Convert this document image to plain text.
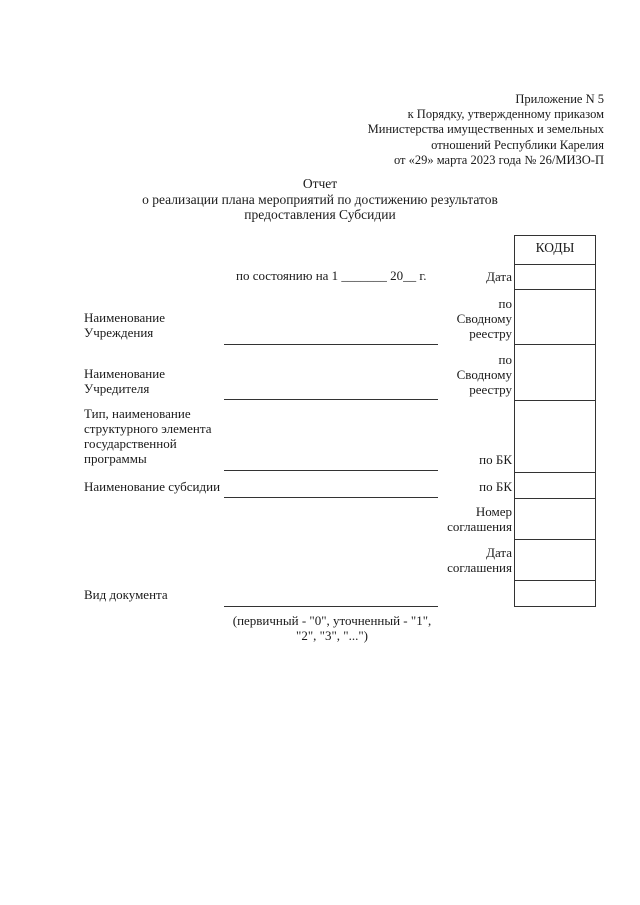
Приложение N 5
к Порядку, утвержденному приказом
Министерства имущественных и земельных
отношений Республики Карелия
от «29» марта 2023 года № 26/МИЗО-П
Отчет
о реализации плана мероприятий по достижению результатов
предоставления Субсидии
КОДЫ
по состоянию на 1 _______ 20__ г.	Дата
по
Сводному
реестру
по
Сводному
реестру
по БК
по БК
Номер
соглашения
Дата
соглашения
Наименование
Учреждения
Наименование
Учредителя
Тип, наименование
структурного элемента
государственной
программы
Наименование субсидии
Вид документа
(первичный - "0", уточненный - "1",
"2", "3", "...")
